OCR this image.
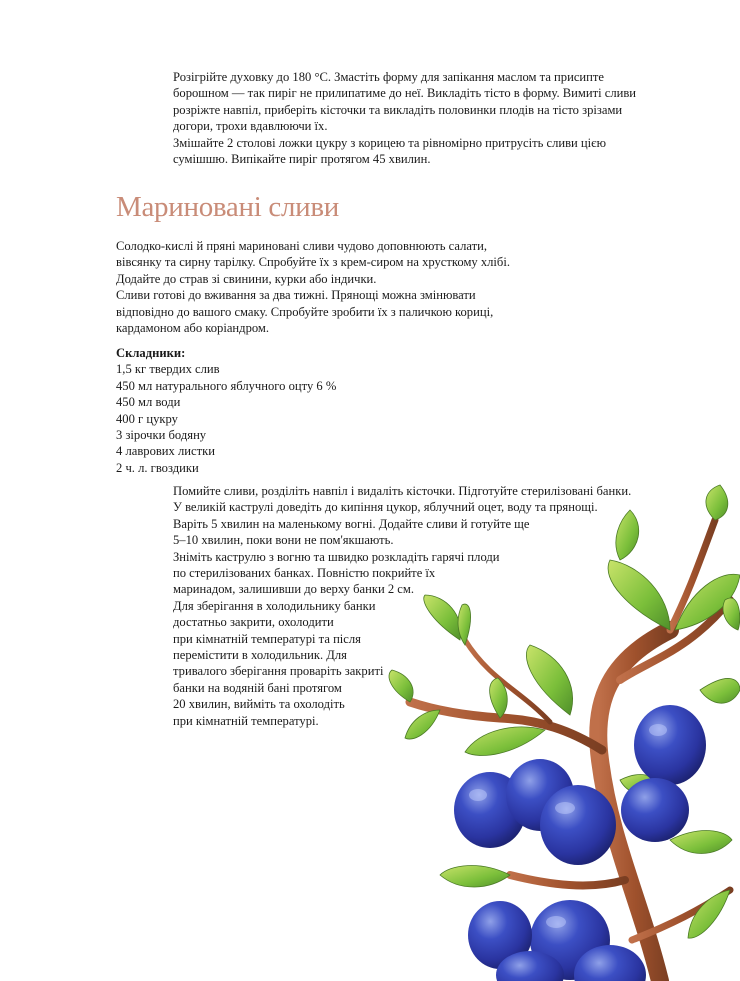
Розігрійте духовку до 180 °С. Змастіть форму для запікання маслом та присипте
борошном — так пиріг не прилипатиме до неї. Викладіть тісто в форму. Вимиті сливи
розріжте навпіл, приберіть кісточки та викладіть половинки плодів на тісто зрізами
догори, трохи вдавлюючи їх.
Змішайте 2 столові ложки цукру з корицею та рівномірно притрусіть сливи цією
сумішшю. Випікайте пиріг протягом 45 хвилин.
Мариновані сливи
Солодко-кислі й пряні мариновані сливи чудово доповнюють салати,
вівсянку та сирну тарілку. Спробуйте їх з крем-сиром на хрусткому хлібі.
Додайте до страв зі свинини, курки або індички.
Сливи готові до вживання за два тижні. Прянощі можна змінювати
відповідно до вашого смаку. Спробуйте зробити їх з паличкою кориці,
кардамоном або коріандром.
Складники:
1,5 кг твердих слив
450 мл натурального яблучного оцту 6 %
450 мл води
400 г цукру
3 зірочки бодяну
4 лаврових листки
2 ч. л. гвоздики
Помийте сливи, розділіть навпіл і видаліть кісточки. Підготуйте стерилізовані банки.
У великій каструлі доведіть до кипіння цукор, яблучний оцет, воду та прянощі.
Варіть 5 хвилин на маленькому вогні. Додайте сливи й готуйте ще
5–10 хвилин, поки вони не пом'якшають.
Зніміть каструлю з вогню та швидко розкладіть гарячі плоди
по стерилізованих банках. Повністю покрийте їх
маринадом, залишивши до верху банки 2 см.
Для зберігання в холодильнику банки
достатньо закрити, охолодити
при кімнатній температурі та після
перемістити в холодильник. Для
тривалого зберігання проваріть закриті
банки на водяній бані протягом
20 хвилин, вийміть та охолодіть
при кімнатній температурі.
